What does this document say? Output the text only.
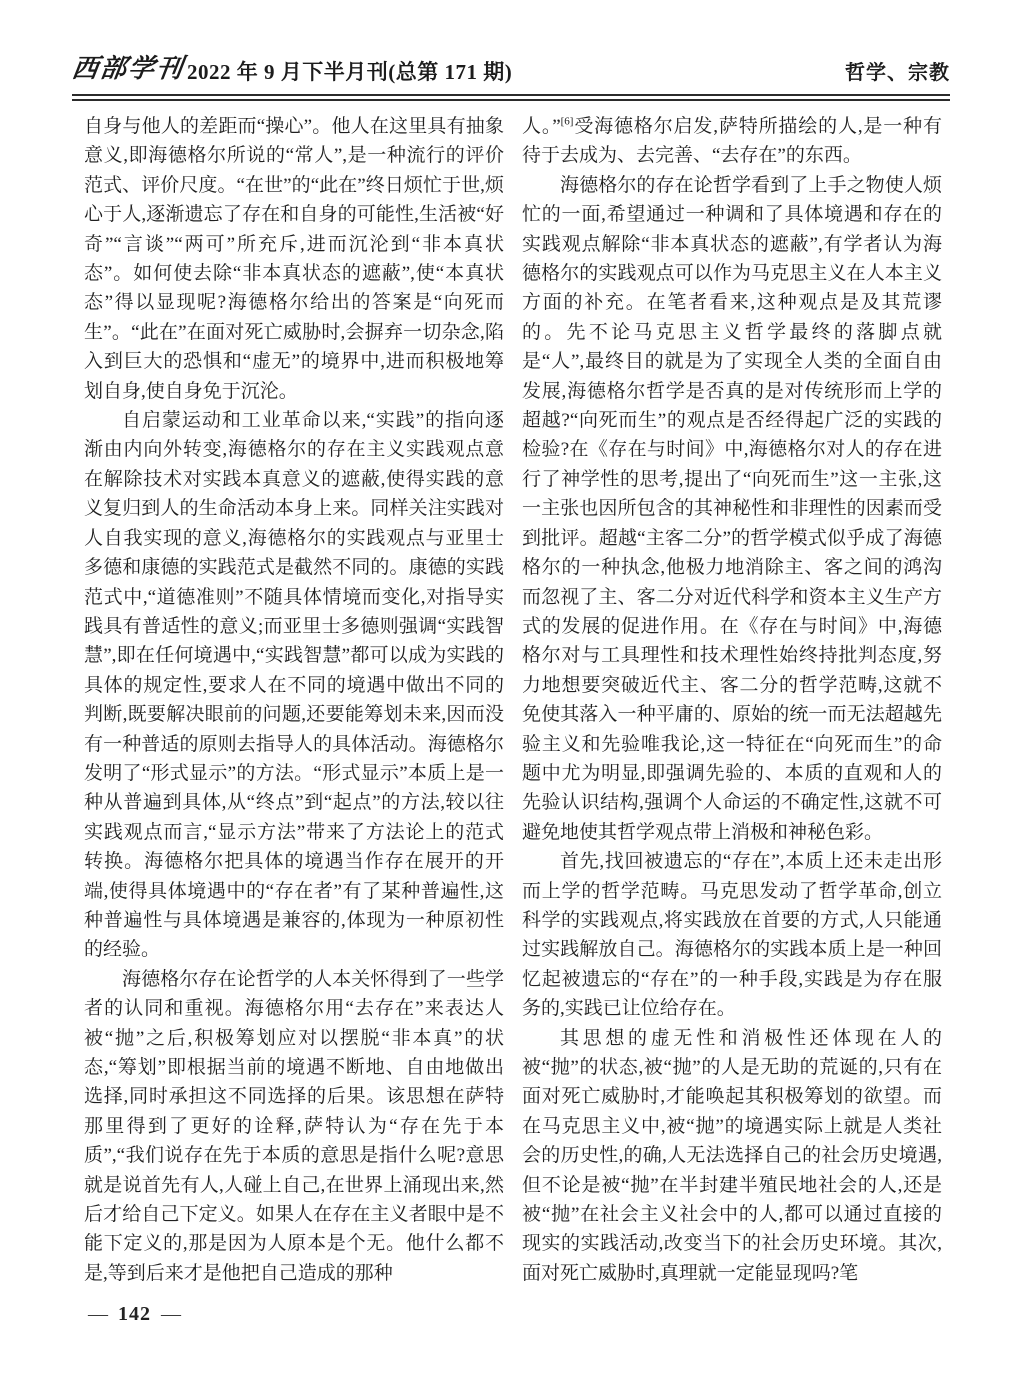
西部学刊 2022 年 9 月下半月刊(总第 171 期)	哲学、宗教

自身与他人的差距而“操心”。他人在这里具有抽象意义,即海德格尔所说的“常人”,是一种流行的评价范式、评价尺度。“在世”的“此在”终日烦忙于世,烦心于人,逐渐遗忘了存在和自身的可能性,生活被“好奇”“言谈”“两可”所充斥,进而沉沦到“非本真状态”。如何使去除“非本真状态的遮蔽”,使“本真状态”得以显现呢?海德格尔给出的答案是“向死而生”。“此在”在面对死亡威胁时,会摒弃一切杂念,陷入到巨大的恐惧和“虚无”的境界中,进而积极地筹划自身,使自身免于沉沦。

自启蒙运动和工业革命以来,“实践”的指向逐渐由内向外转变,海德格尔的存在主义实践观点意在解除技术对实践本真意义的遮蔽,使得实践的意义复归到人的生命活动本身上来。同样关注实践对人自我实现的意义,海德格尔的实践观点与亚里士多德和康德的实践范式是截然不同的。康德的实践范式中,“道德准则”不随具体情境而变化,对指导实践具有普适性的意义;而亚里士多德则强调“实践智慧”,即在任何境遇中,“实践智慧”都可以成为实践的具体的规定性,要求人在不同的境遇中做出不同的判断,既要解决眼前的问题,还要能筹划未来,因而没有一种普适的原则去指导人的具体活动。海德格尔发明了“形式显示”的方法。“形式显示”本质上是一种从普遍到具体,从“终点”到“起点”的方法,较以往实践观点而言,“显示方法”带来了方法论上的范式转换。海德格尔把具体的境遇当作存在展开的开端,使得具体境遇中的“存在者”有了某种普遍性,这种普遍性与具体境遇是兼容的,体现为一种原初性的经验。

海德格尔存在论哲学的人本关怀得到了一些学者的认同和重视。海德格尔用“去存在”来表达人被“抛”之后,积极筹划应对以摆脱“非本真”的状态,“筹划”即根据当前的境遇不断地、自由地做出选择,同时承担这不同选择的后果。该思想在萨特那里得到了更好的诠释,萨特认为“存在先于本质”,“我们说存在先于本质的意思是指什么呢?意思就是说首先有人,人碰上自己,在世界上涌现出来,然后才给自己下定义。如果人在存在主义者眼中是不能下定义的,那是因为人原本是个无。他什么都不是,等到后来才是他把自己造成的那种

人。”[6]受海德格尔启发,萨特所描绘的人,是一种有待于去成为、去完善、“去存在”的东西。

海德格尔的存在论哲学看到了上手之物使人烦忙的一面,希望通过一种调和了具体境遇和存在的实践观点解除“非本真状态的遮蔽”,有学者认为海德格尔的实践观点可以作为马克思主义在人本主义方面的补充。在笔者看来,这种观点是及其荒谬的。先不论马克思主义哲学最终的落脚点就是“人”,最终目的就是为了实现全人类的全面自由发展,海德格尔哲学是否真的是对传统形而上学的超越?“向死而生”的观点是否经得起广泛的实践的检验?在《存在与时间》中,海德格尔对人的存在进行了神学性的思考,提出了“向死而生”这一主张,这一主张也因所包含的其神秘性和非理性的因素而受到批评。超越“主客二分”的哲学模式似乎成了海德格尔的一种执念,他极力地消除主、客之间的鸿沟而忽视了主、客二分对近代科学和资本主义生产方式的发展的促进作用。在《存在与时间》中,海德格尔对与工具理性和技术理性始终持批判态度,努力地想要突破近代主、客二分的哲学范畴,这就不免使其落入一种平庸的、原始的统一而无法超越先验主义和先验唯我论,这一特征在“向死而生”的命题中尤为明显,即强调先验的、本质的直观和人的先验认识结构,强调个人命运的不确定性,这就不可避免地使其哲学观点带上消极和神秘色彩。

首先,找回被遗忘的“存在”,本质上还未走出形而上学的哲学范畴。马克思发动了哲学革命,创立科学的实践观点,将实践放在首要的方式,人只能通过实践解放自己。海德格尔的实践本质上是一种回忆起被遗忘的“存在”的一种手段,实践是为存在服务的,实践已让位给存在。

其思想的虚无性和消极性还体现在人的被“抛”的状态,被“抛”的人是无助的荒诞的,只有在面对死亡威胁时,才能唤起其积极筹划的欲望。而在马克思主义中,被“抛”的境遇实际上就是人类社会的历史性,的确,人无法选择自己的社会历史境遇,但不论是被“抛”在半封建半殖民地社会的人,还是被“抛”在社会主义社会中的人,都可以通过直接的现实的实践活动,改变当下的社会历史环境。其次,面对死亡威胁时,真理就一定能显现吗?笔

— 142 —
